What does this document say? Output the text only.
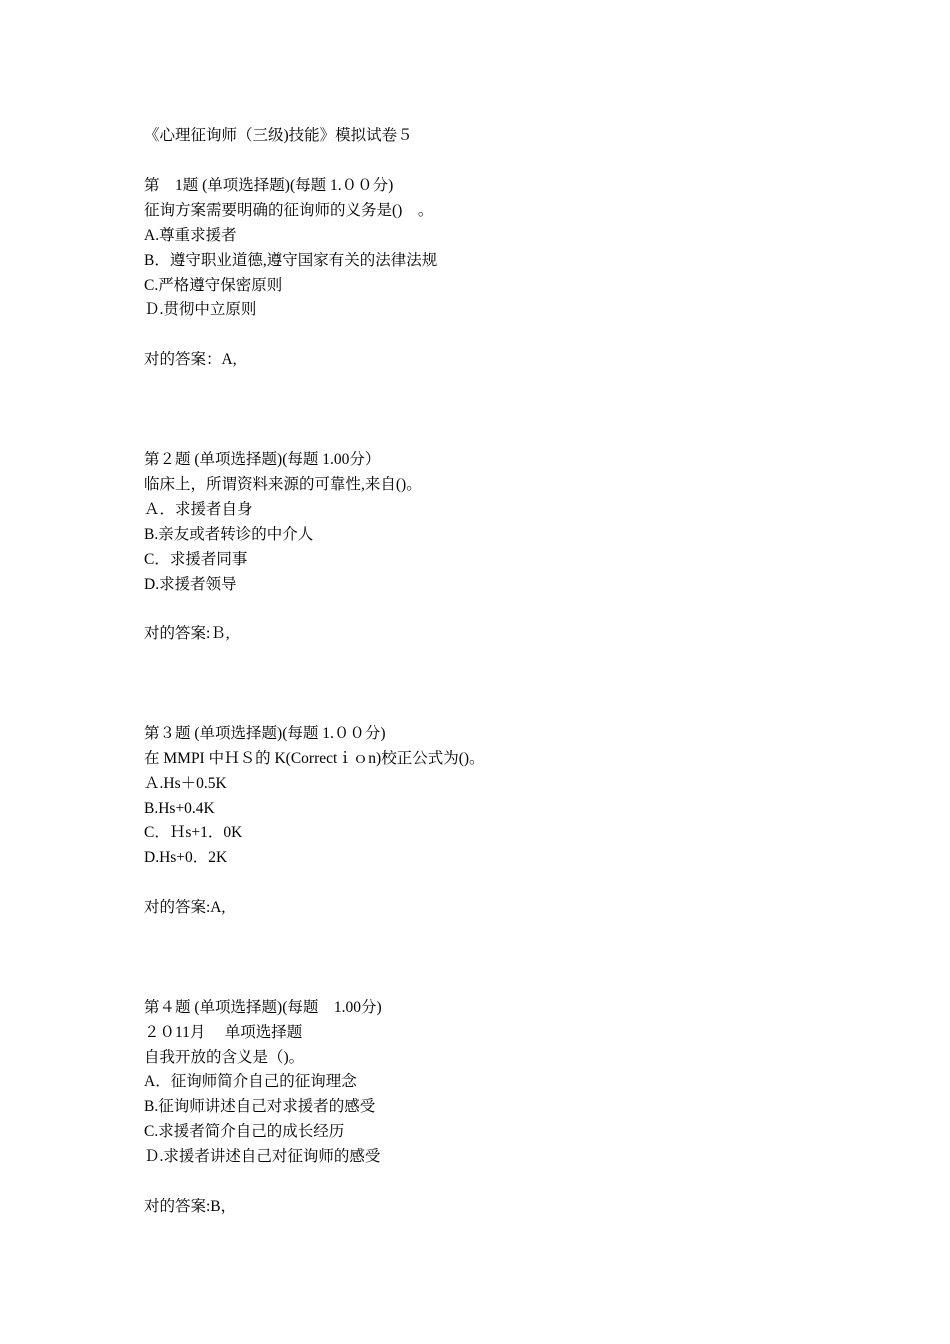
《心理征询师（三级)技能》模拟试卷５
第　1题 (单项选择题)(每题 1.００分)
征询方案需要明确的征询师的义务是()　。
A.尊重求援者
B．遵守职业道德,遵守国家有关的法律法规
C.严格遵守保密原则
Ｄ.贯彻中立原则
对的答案：A,
第２题 (单项选择题)(每题 1.00分）
临床上，所谓资料来源的可靠性,来自()。
Ａ．求援者自身
B.亲友或者转诊的中介人
C．求援者同事
D.求援者领导
对的答案:Ｂ,
第３题 (单项选择题)(每题 1.００分)
在 MMPI 中ＨＳ的 K(Correctｉｏn)校正公式为()。
Ａ.Hs＋0.5K
B.Hs+0.4K
C．Ｈs+1．0K
D.Hs+0．2K
对的答案:A,
第４题 (单项选择题)(每题　1.00分)
２０11月　 单项选择题
自我开放的含义是（)。
A．征询师简介自己的征询理念
B.征询师讲述自己对求援者的感受
C.求援者简介自己的成长经历
Ｄ.求援者讲述自己对征询师的感受
对的答案:B，
